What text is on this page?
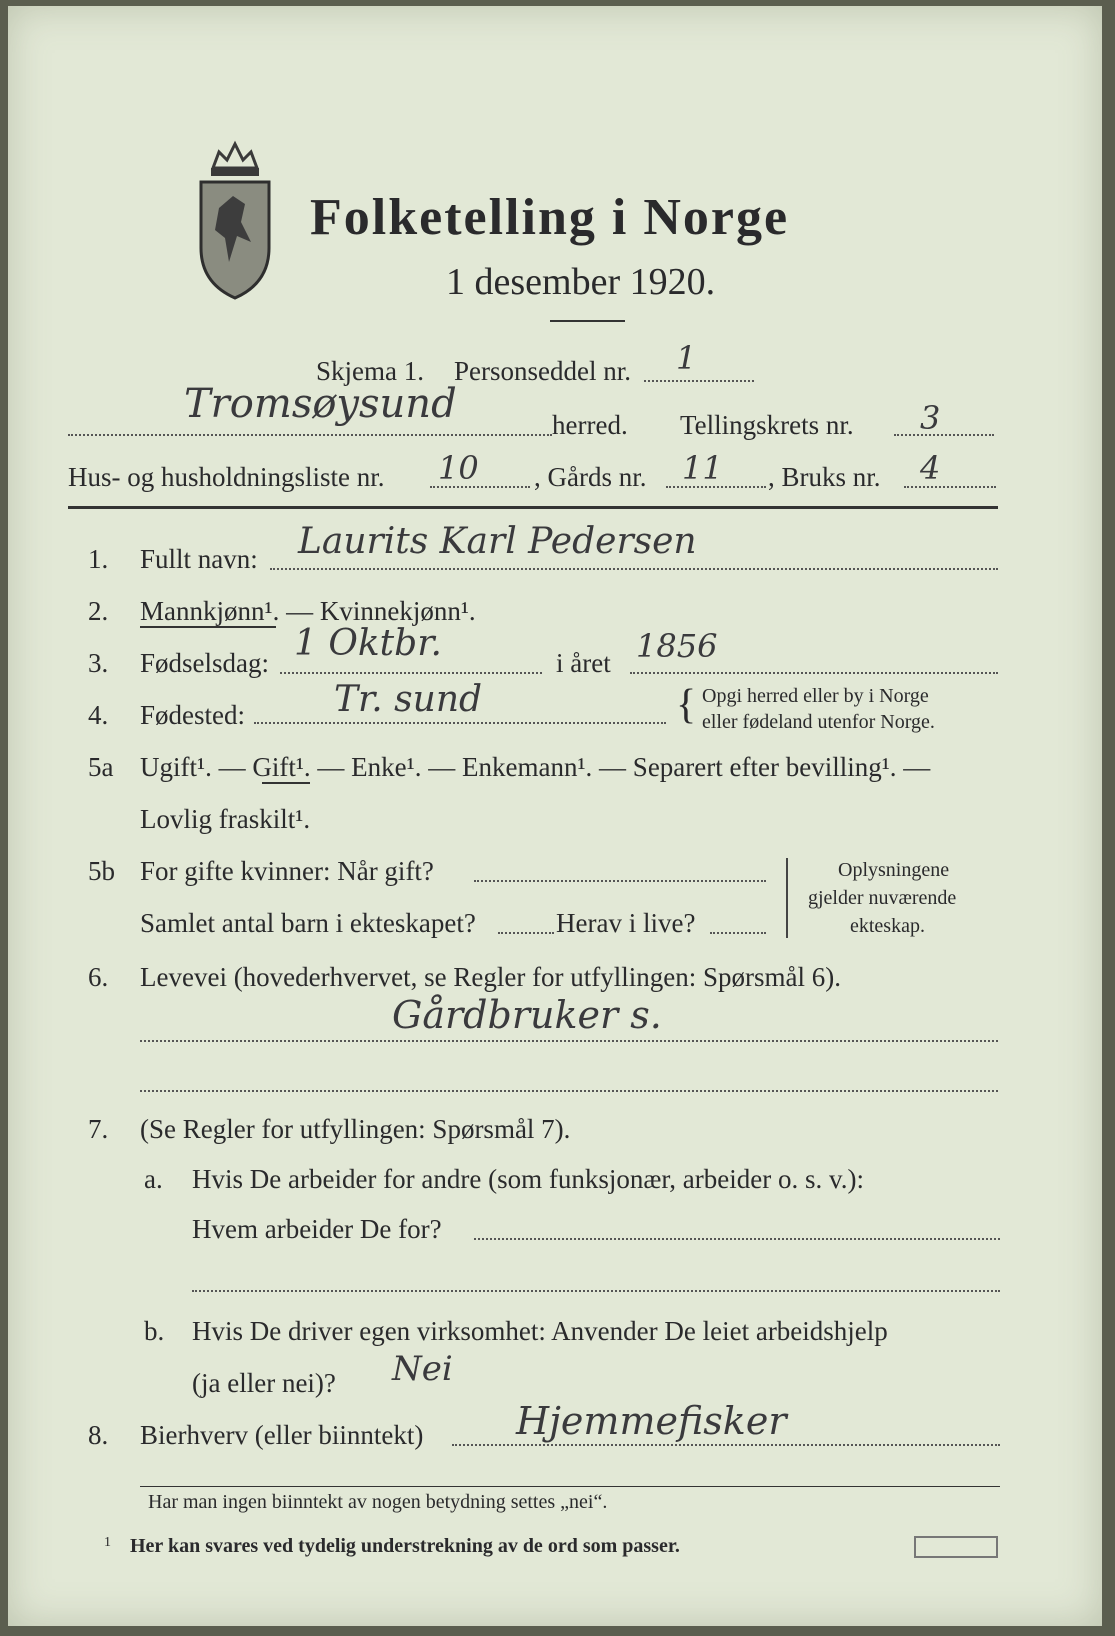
Folketelling i Norge
1 desember 1920.
Skjema 1. Personseddel nr. 1
Tromsøysund	herred. Tellingskrets nr. 3
Hus- og husholdningsliste nr. 10 , Gårds nr. 11 , Bruks nr. 4
1. Fullt navn: Laurits Karl Pedersen
2. Mannkjønn¹. — Kvinnekjønn¹.
3. Fødselsdag: 1 Oktbr.	i året 1856
4. Fødested: Tr. sund	{ Opgi herred eller by i Norge
eller fødeland utenfor Norge.
5a Ugift¹. — Gift¹. — Enke¹. — Enkemann¹. — Separert efter bevilling¹. —
Lovlig fraskilt¹.
5b For gifte kvinner: Når gift?
Samlet antal barn i ekteskapet?	Herav i live?
Oplysningene
gjelder nuværende
ekteskap.
6. Levevei (hovederhvervet, se Regler for utfyllingen: Spørsmål 6).
Gårdbruker s.
7. (Se Regler for utfyllingen: Spørsmål 7).
a. Hvis De arbeider for andre (som funksjonær, arbeider o. s. v.):
Hvem arbeider De for?
b. Hvis De driver egen virksomhet: Anvender De leiet arbeidshjelp
(ja eller nei)? Nei
8. Bierhverv (eller biinntekt) Hjemmefisker
Har man ingen biinntekt av nogen betydning settes „nei“.
1 Her kan svares ved tydelig understrekning av de ord som passer.
